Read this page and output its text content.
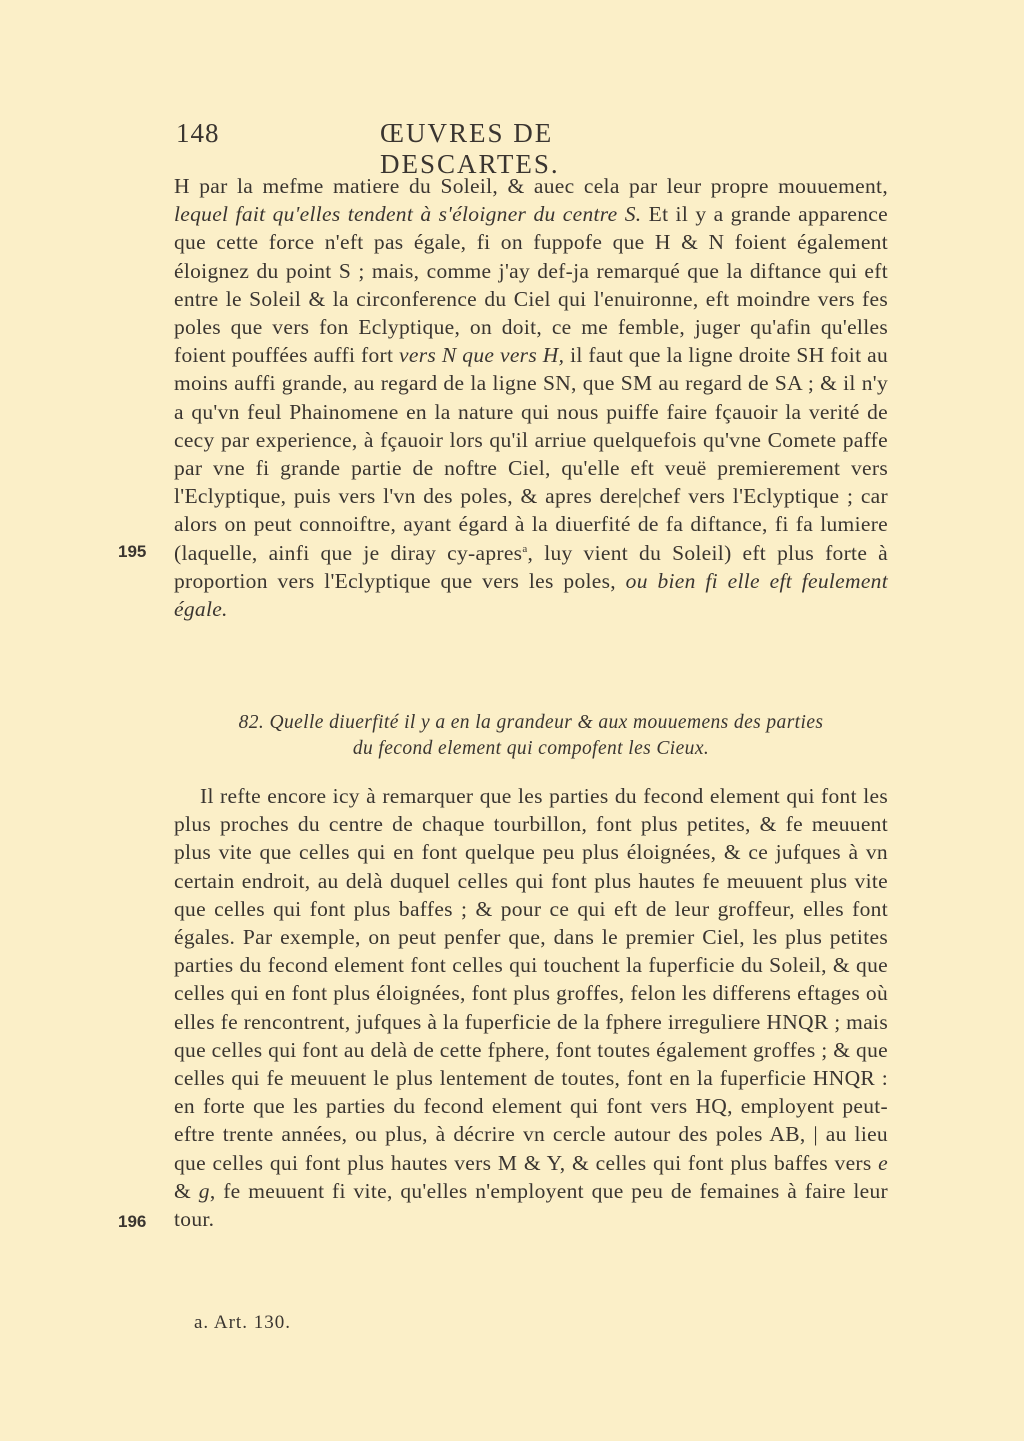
148	ŒUVRES DE DESCARTES.
H par la mefme matiere du Soleil, & auec cela par leur propre mouuement, lequel fait qu'elles tendent à s'éloigner du centre S. Et il y a grande apparence que cette force n'eft pas égale, fi on fuppofe que H & N foient également éloignez du point S ; mais, comme j'ay def-ja remarqué que la diftance qui eft entre le Soleil & la circonference du Ciel qui l'enuironne, eft moindre vers fes poles que vers fon Eclyptique, on doit, ce me femble, juger qu'afin qu'elles foient pouffées auffi fort vers N que vers H, il faut que la ligne droite SH foit au moins auffi grande, au regard de la ligne SN, que SM au regard de SA ; & il n'y a qu'vn feul Phainomene en la nature qui nous puiffe faire fçauoir la verité de cecy par experience, à fçauoir lors qu'il arriue quelquefois qu'vne Comete paffe par vne fi grande partie de noftre Ciel, qu'elle eft veuë premierement vers l'Eclyptique, puis vers l'vn des poles, & apres dere|chef vers l'Eclyptique ; car alors on peut connoiftre, ayant égard à la diuerfité de fa diftance, fi fa lumiere (laquelle, ainfi que je diray cy-apres$^a$, luy vient du Soleil) eft plus forte à proportion vers l'Eclyptique que vers les poles, ou bien fi elle eft feulement égale.
195
82. Quelle diuerfité il y a en la grandeur & aux mouuemens des parties
du fecond element qui compofent les Cieux.
Il refte encore icy à remarquer que les parties du fecond element qui font les plus proches du centre de chaque tourbillon, font plus petites, & fe meuuent plus vite que celles qui en font quelque peu plus éloignées, & ce jufques à vn certain endroit, au delà duquel celles qui font plus hautes fe meuuent plus vite que celles qui font plus baffes ; & pour ce qui eft de leur groffeur, elles font égales. Par exemple, on peut penfer que, dans le premier Ciel, les plus petites parties du fecond element font celles qui touchent la fuperficie du Soleil, & que celles qui en font plus éloignées, font plus groffes, felon les differens eftages où elles fe rencontrent, jufques à la fuperficie de la fphere irreguliere HNQR ; mais que celles qui font au delà de cette fphere, font toutes également groffes ; & que celles qui fe meuuent le plus lentement de toutes, font en la fuperficie HNQR : en forte que les parties du fecond element qui font vers HQ, employent peut-eftre trente années, ou plus, à décrire vn cercle autour des poles AB, | au lieu que celles qui font plus hautes vers M & Y, & celles qui font plus baffes vers e & g, fe meuuent fi vite, qu'elles n'employent que peu de femaines à faire leur tour.
196
a. Art. 130.
